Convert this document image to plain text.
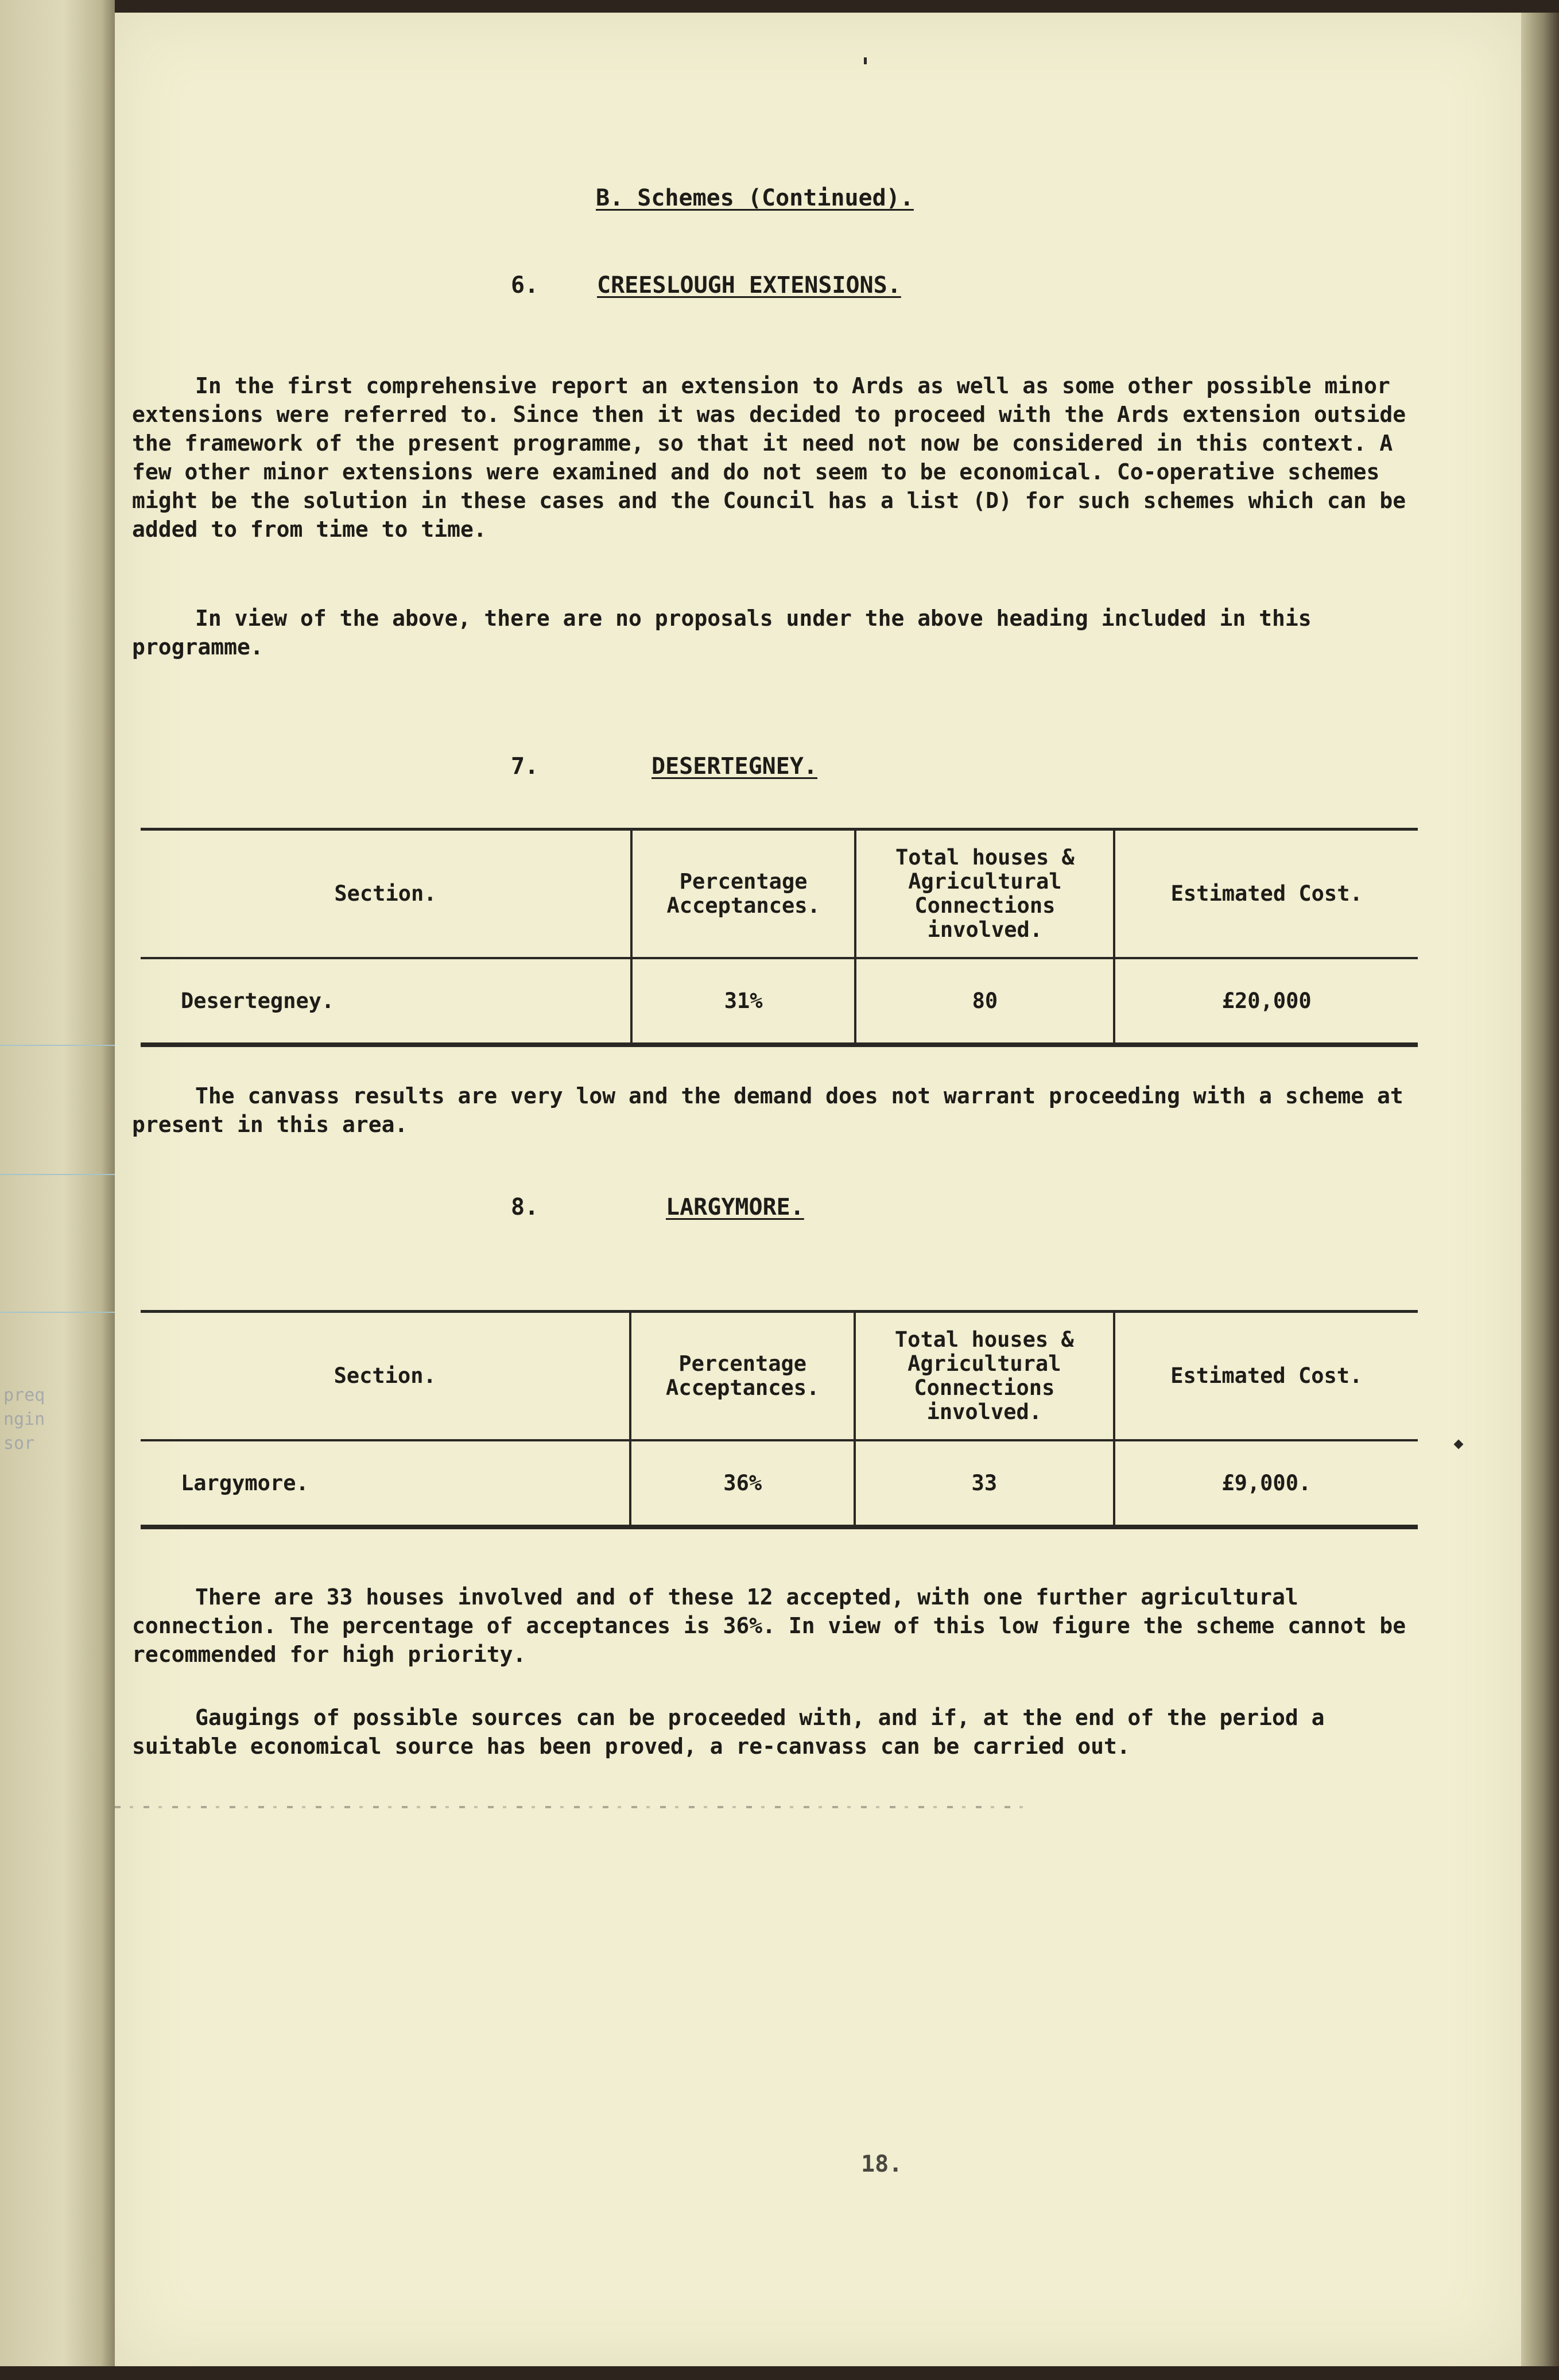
preq
ngin
sor

B. Schemes (Continued).

6.	CREESLOUGH EXTENSIONS.

In the first comprehensive report an extension to Ards as well as some other possible minor extensions were referred to. Since then it was decided to proceed with the Ards extension outside the framework of the present programme, so that it need not now be considered in this context. A few other minor extensions were examined and do not seem to be economical. Co-operative schemes might be the solution in these cases and the Council has a list (D) for such schemes which can be added to from time to time.

In view of the above, there are no proposals under the above heading included in this programme.

7.	DESERTEGNEY.

Section.	Percentage Acceptances.	Total houses & Agricultural Connections involved.	Estimated Cost.
Desertegney.	31%	80	£20,000

The canvass results are very low and the demand does not warrant proceeding with a scheme at present in this area.

8.	LARGYMORE.

Section.	Percentage Acceptances.	Total houses & Agricultural Connections involved.	Estimated Cost.
Largymore.	36%	33	£9,000.

There are 33 houses involved and of these 12 accepted, with one further agricultural connection. The percentage of acceptances is 36%. In view of this low figure the scheme cannot be recommended for high priority.

Gaugings of possible sources can be proceeded with, and if, at the end of the period a suitable economical source has been proved, a re-canvass can be carried out.

18.
